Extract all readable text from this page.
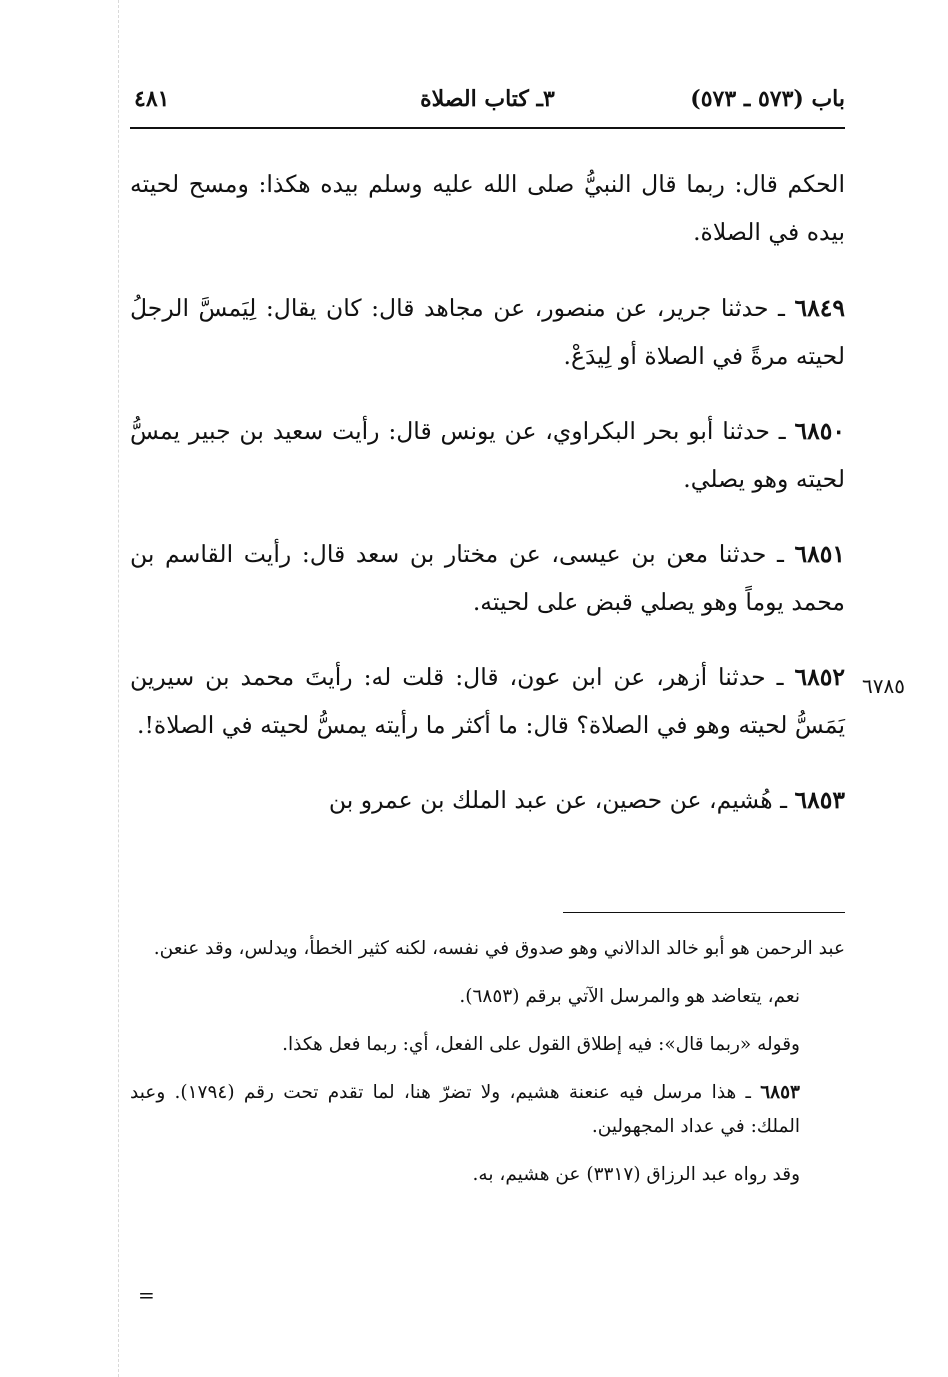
باب (٥٧٣ ـ ٥٧٣)
٣ـ كتاب الصلاة
٤٨١

الحكم قال: ربما قال النبيُّ صلى الله عليه وسلم بيده هكذا: ومسح لحيته بيده في الصلاة.

٦٨٤٩ ـ حدثنا جرير، عن منصور، عن مجاهد قال: كان يقال: لِيَمسَّ الرجلُ لحيته مرةً في الصلاة أو لِيدَعْ.

٦٨٥٠ ـ حدثنا أبو بحر البكراوي، عن يونس قال: رأيت سعيد بن جبير يمسُّ لحيته وهو يصلي.

٦٨٥١ ـ حدثنا معن بن عيسى، عن مختار بن سعد قال: رأيت القاسم بن محمد يوماً وهو يصلي قبض على لحيته.

٦٨٥٢ ـ حدثنا أزهر، عن ابن عون، قال: قلت له: رأيتَ محمد بن سيرين يَمَسُّ لحيته وهو في الصلاة؟ قال: ما أكثر ما رأيته يمسُّ لحيته في الصلاة!.

٦٨٥٣ ـ هُشيم، عن حصين، عن عبد الملك بن عمرو بن

عبد الرحمن هو أبو خالد الدالاني وهو صدوق في نفسه، لكنه كثير الخطأ، ويدلس، وقد عنعن.

نعم، يتعاضد هو والمرسل الآتي برقم (٦٨٥٣).

وقوله «ربما قال»: فيه إطلاق القول على الفعل، أي: ربما فعل هكذا.

٦٨٥٣ ـ هذا مرسل فيه عنعنة هشيم، ولا تضرّ هنا، لما تقدم تحت رقم (١٧٩٤). وعبد الملك: في عداد المجهولين.

وقد رواه عبد الرزاق (٣٣١٧) عن هشيم، به.

=
٦٧٨٥
